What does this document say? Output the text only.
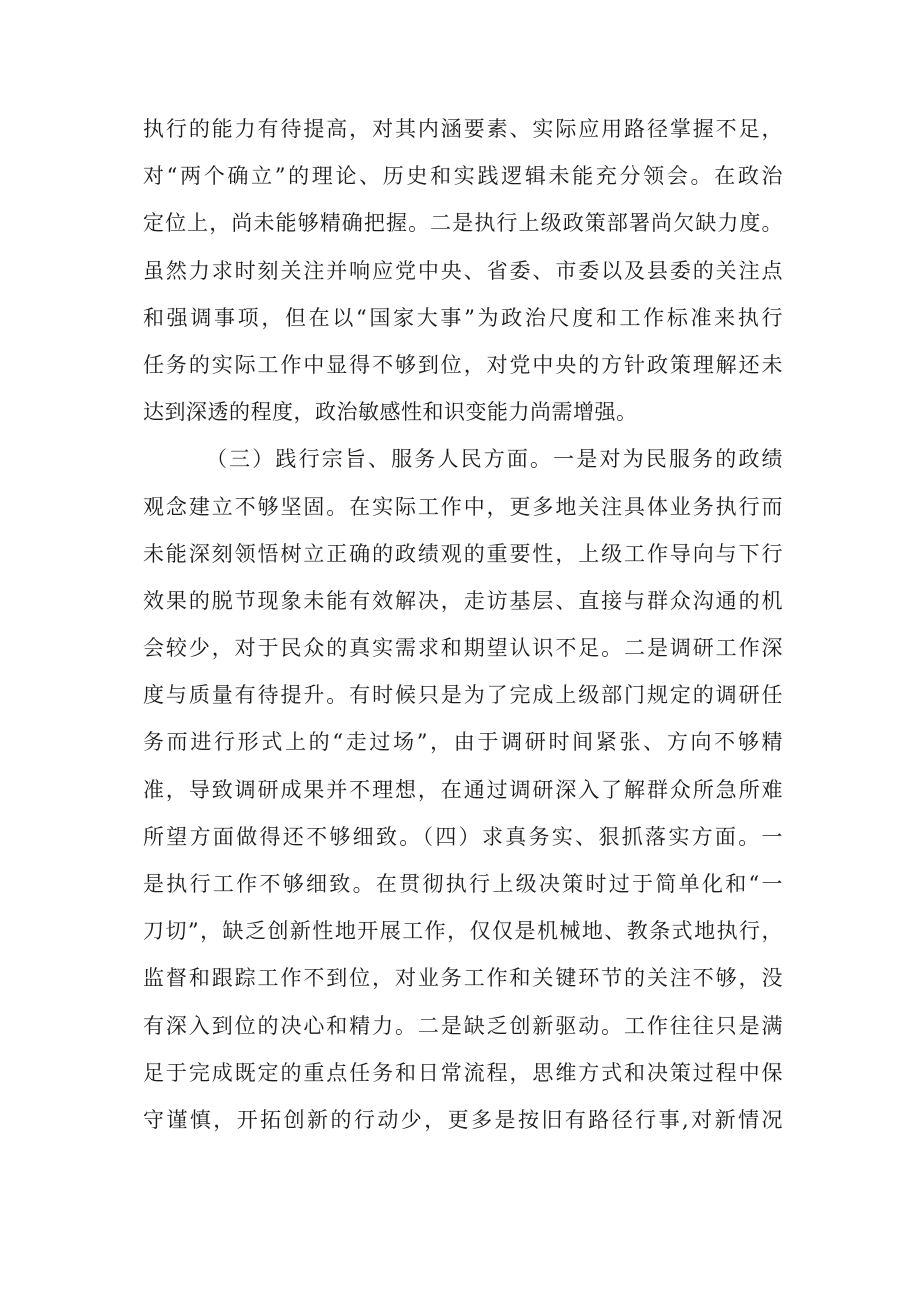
执行的能力有待提高，对其内涵要素、实际应用路径掌握不足，
对“两个确立”的理论、历史和实践逻辑未能充分领会。在政治
定位上，尚未能够精确把握。二是执行上级政策部署尚欠缺力度。
虽然力求时刻关注并响应党中央、省委、市委以及县委的关注点
和强调事项，但在以“国家大事”为政治尺度和工作标准来执行
任务的实际工作中显得不够到位，对党中央的方针政策理解还未
达到深透的程度，政治敏感性和识变能力尚需增强。
（三）践行宗旨、服务人民方面。一是对为民服务的政绩
观念建立不够坚固。在实际工作中，更多地关注具体业务执行而
未能深刻领悟树立正确的政绩观的重要性，上级工作导向与下行
效果的脱节现象未能有效解决，走访基层、直接与群众沟通的机
会较少，对于民众的真实需求和期望认识不足。二是调研工作深
度与质量有待提升。有时候只是为了完成上级部门规定的调研任
务而进行形式上的“走过场”，由于调研时间紧张、方向不够精
准，导致调研成果并不理想，在通过调研深入了解群众所急所难
所望方面做得还不够细致。（四）求真务实、狠抓落实方面。一
是执行工作不够细致。在贯彻执行上级决策时过于简单化和“一
刀切”，缺乏创新性地开展工作，仅仅是机械地、教条式地执行，
监督和跟踪工作不到位，对业务工作和关键环节的关注不够，没
有深入到位的决心和精力。二是缺乏创新驱动。工作往往只是满
足于完成既定的重点任务和日常流程，思维方式和决策过程中保
守谨慎，开拓创新的行动少，更多是按旧有路径行事,对新情况
